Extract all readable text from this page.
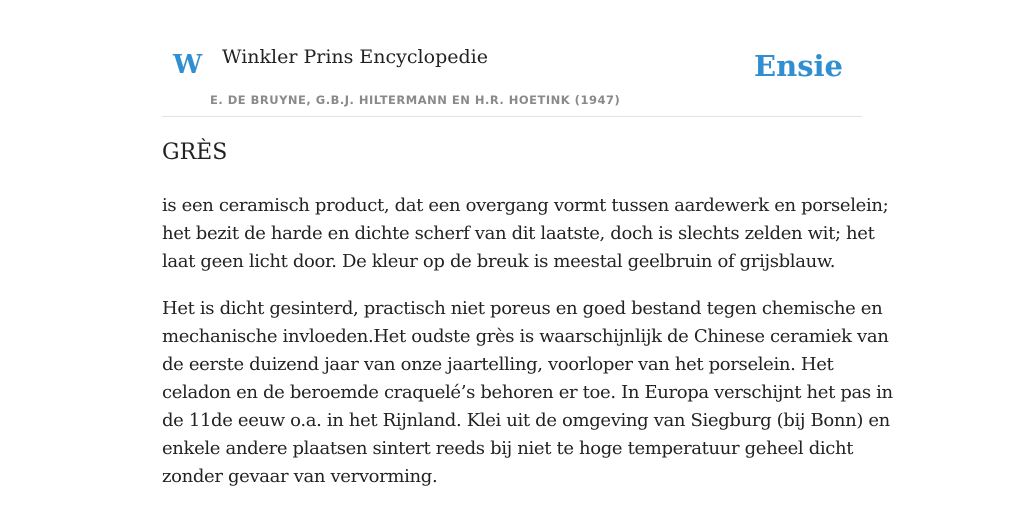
W Winkler Prins Encyclopedie	Ensie
E. DE BRUYNE, G.B.J. HILTERMANN EN H.R. HOETINK (1947)
GRÈS

is een ceramisch product, dat een overgang vormt tussen aardewerk en porselein;
het bezit de harde en dichte scherf van dit laatste, doch is slechts zelden wit; het
laat geen licht door. De kleur op de breuk is meestal geelbruin of grijsblauw.

Het is dicht gesinterd, practisch niet poreus en goed bestand tegen chemische en
mechanische invloeden.Het oudste grès is waarschijnlijk de Chinese ceramiek van
de eerste duizend jaar van onze jaartelling, voorloper van het porselein. Het
celadon en de beroemde craquelé’s behoren er toe. In Europa verschijnt het pas in
de 11de eeuw o.a. in het Rijnland. Klei uit de omgeving van Siegburg (bij Bonn) en
enkele andere plaatsen sintert reeds bij niet te hoge temperatuur geheel dicht
zonder gevaar van vervorming.
